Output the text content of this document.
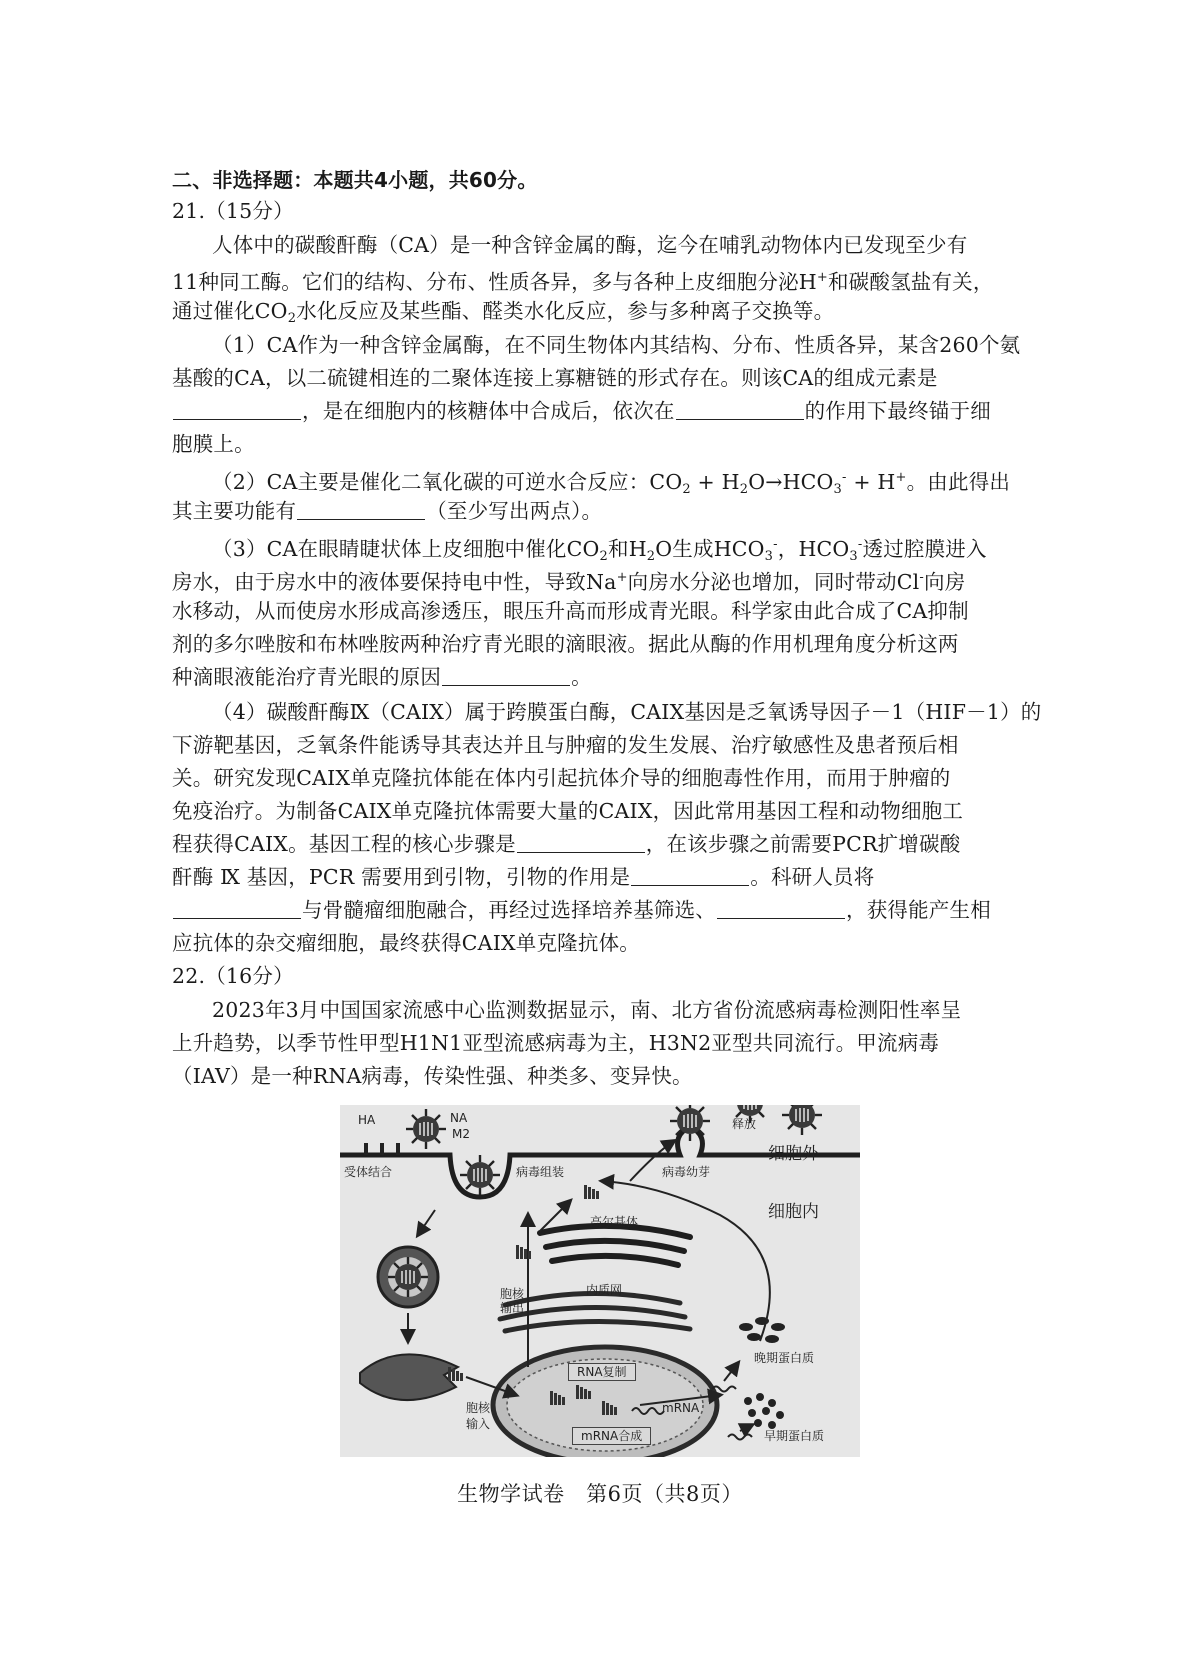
二、非选择题：本题共4小题，共60分。
21.（15分）
人体中的碳酸酐酶（CA）是一种含锌金属的酶，迄今在哺乳动物体内已发现至少有
11种同工酶。它们的结构、分布、性质各异，多与各种上皮细胞分泌H+和碳酸氢盐有关，
通过催化$CO_2$水化反应及某些酯、醛类水化反应，参与多种离子交换等。
（1）CA作为一种含锌金属酶，在不同生物体内其结构、分布、性质各异，某含260个氨
基酸的CA，以二硫键相连的二聚体连接上寡糖链的形式存在。则该CA的组成元素是
，是在细胞内的核糖体中合成后，依次在	的作用下最终锚于细
胞膜上。
（2）CA主要是催化二氧化碳的可逆水合反应：$CO_2 + H_2O\to HCO_3^- + H^+$。由此得出
其主要功能有	（至少写出两点）。
（3）CA在眼睛睫状体上皮细胞中催化$CO_2$和$H_2O$生成$HCO_3^-$，$HCO_3^-$透过腔膜进入
房水，由于房水中的液体要保持电中性，导致Na+向房水分泌也增加，同时带动Cl-向房
水移动，从而使房水形成高渗透压，眼压升高而形成青光眼。科学家由此合成了CA抑制
剂的多尔唑胺和布林唑胺两种治疗青光眼的滴眼液。据此从酶的作用机理角度分析这两
种滴眼液能治疗青光眼的原因	。
（4）碳酸酐酶Ⅸ（CAIX）属于跨膜蛋白酶，CAIX基因是乏氧诱导因子－1（HIF－1）的
下游靶基因，乏氧条件能诱导其表达并且与肿瘤的发生发展、治疗敏感性及患者预后相
关。研究发现CAIX单克隆抗体能在体内引起抗体介导的细胞毒性作用，而用于肿瘤的
免疫治疗。为制备CAIX单克隆抗体需要大量的CAIX，因此常用基因工程和动物细胞工
程获得CAIX。基因工程的核心步骤是	，在该步骤之前需要PCR扩增碳酸
酐酶 Ⅸ 基因，PCR 需要用到引物，引物的作用是	。科研人员将
与骨髓瘤细胞融合，再经过选择培养基筛选、	，获得能产生相
应抗体的杂交瘤细胞，最终获得CAIX单克隆抗体。
22.（16分）
2023年3月中国国家流感中心监测数据显示，南、北方省份流感病毒检测阳性率呈
上升趋势，以季节性甲型H1N1亚型流感病毒为主，H3N2亚型共同流行。甲流病毒
（IAV）是一种RNA病毒，传染性强、种类多、变异快。
HA	NA
M2
受体结合	病毒组装	病毒幼芽
释放
细胞外
细胞内
高尔基体
内质网
胞核
输出
晚期蛋白质
RNA复制
mRNA
早期蛋白质
胞核
输入
mRNA合成
生物学试卷　第6页（共8页）
